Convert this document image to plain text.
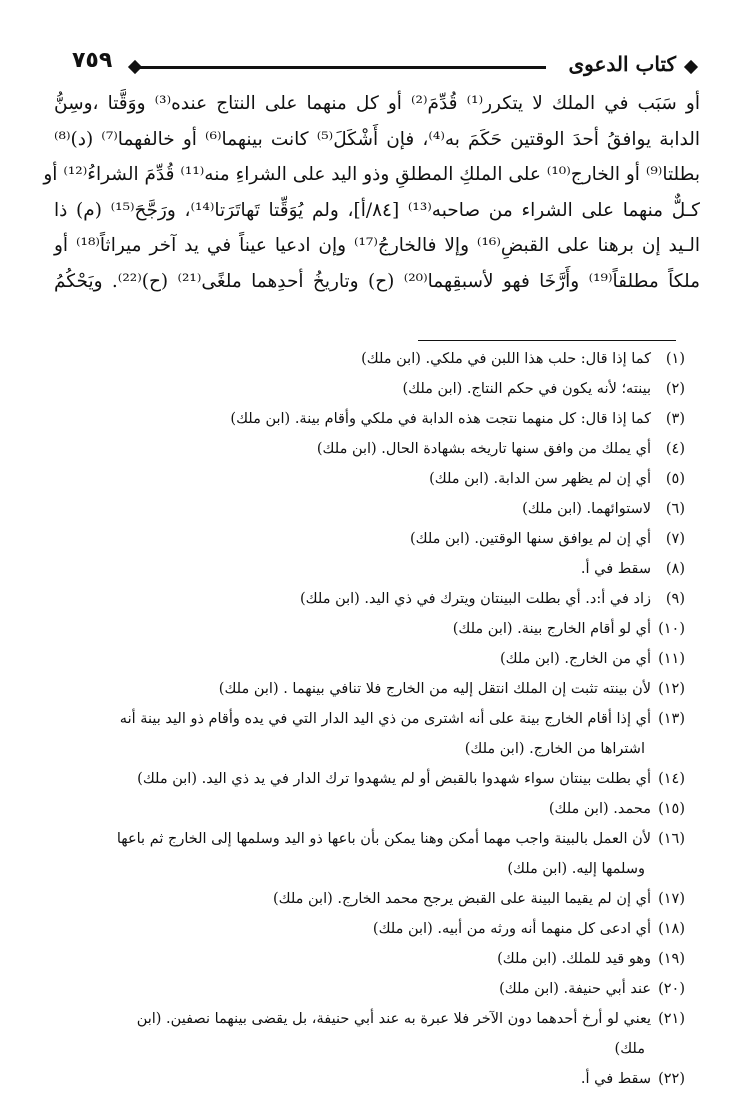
٧٥٩	كتاب الدعوى
أو سَبَب في الملك لا يتكرر⁽¹⁾ قُدِّمَ⁽²⁾ أو كل منهما على النتاج عنده⁽³⁾ ووَقَّتا ،وسِنُّ
الدابة يوافقُ أحدَ الوقتين حَكَمَ به⁽⁴⁾، فإن أَشْكَلَ⁽⁵⁾ كانت بينهما⁽⁶⁾ أو خالفهما⁽⁷⁾ (د)⁽⁸⁾
بطلتا⁽⁹⁾ أو الخارج⁽¹⁰⁾ على الملكِ المطلقِ وذو اليد على الشراءِ منه⁽¹¹⁾ قُدِّمَ الشراءُ⁽¹²⁾ أو
كـلٌّ منهما على الشراء من صاحبه⁽¹³⁾ [٨٤/أ]، ولم يُوَقِّتا تَهاتَرَتا⁽¹⁴⁾، ورَجَّحَ⁽¹⁵⁾ (م) ذا
الـيد إن برهنا على القبضِ⁽¹⁶⁾ وإلا فالخارجُ⁽¹⁷⁾ وإن ادعيا عيناً في يد آخر ميراثاً⁽¹⁸⁾ أو
ملكاً مطلقاً⁽¹⁹⁾ وأَرَّخَا فهو لأسبقِهما⁽²⁰⁾ (ح) وتاريخُ أحدِهما ملغًى⁽²¹⁾ (ح)⁽²²⁾. ويَحْكُمُ
(١)كما إذا قال: حلب هذا اللبن في ملكي. (ابن ملك)
(٢)بينته؛ لأنه يكون في حكم النتاج. (ابن ملك)
(٣)كما إذا قال: كل منهما نتجت هذه الدابة في ملكي وأقام بينة. (ابن ملك)
(٤)أي يملك من وافق سنها تاريخه بشهادة الحال. (ابن ملك)
(٥)أي إن لم يظهر سن الدابة. (ابن ملك)
(٦)لاستوائهما. (ابن ملك)
(٧)أي إن لم يوافق سنها الوقتين. (ابن ملك)
(٨)سقط في أ.
(٩)زاد في أ:د. أي بطلت البينتان ويترك في ذي اليد. (ابن ملك)
(١٠)أي لو أقام الخارج بينة. (ابن ملك)
(١١)أي من الخارج. (ابن ملك)
(١٢)لأن بينته تثبت إن الملك انتقل إليه من الخارج فلا تنافي بينهما . (ابن ملك)
(١٣)أي إذا أقام الخارج بينة على أنه اشترى من ذي اليد الدار التي في يده وأقام ذو اليد بينة أنه
اشتراها من الخارج. (ابن ملك)
(١٤)أي بطلت بينتان سواء شهدوا بالقبض أو لم يشهدوا ترك الدار في يد ذي اليد. (ابن ملك)
(١٥)محمد. (ابن ملك)
(١٦)لأن العمل بالبينة واجب مهما أمكن وهنا يمكن بأن باعها ذو اليد وسلمها إلى الخارج ثم باعها
وسلمها إليه. (ابن ملك)
(١٧)أي إن لم يقيما البينة على القبض يرجح محمد الخارج. (ابن ملك)
(١٨)أي ادعى كل منهما أنه ورثه من أبيه. (ابن ملك)
(١٩)وهو قيد للملك. (ابن ملك)
(٢٠)عند أبي حنيفة. (ابن ملك)
(٢١)يعني لو أرخ أحدهما دون الآخر فلا عبرة به عند أبي حنيفة، بل يقضى بينهما نصفين. (ابن
ملك)
(٢٢)سقط في أ.
